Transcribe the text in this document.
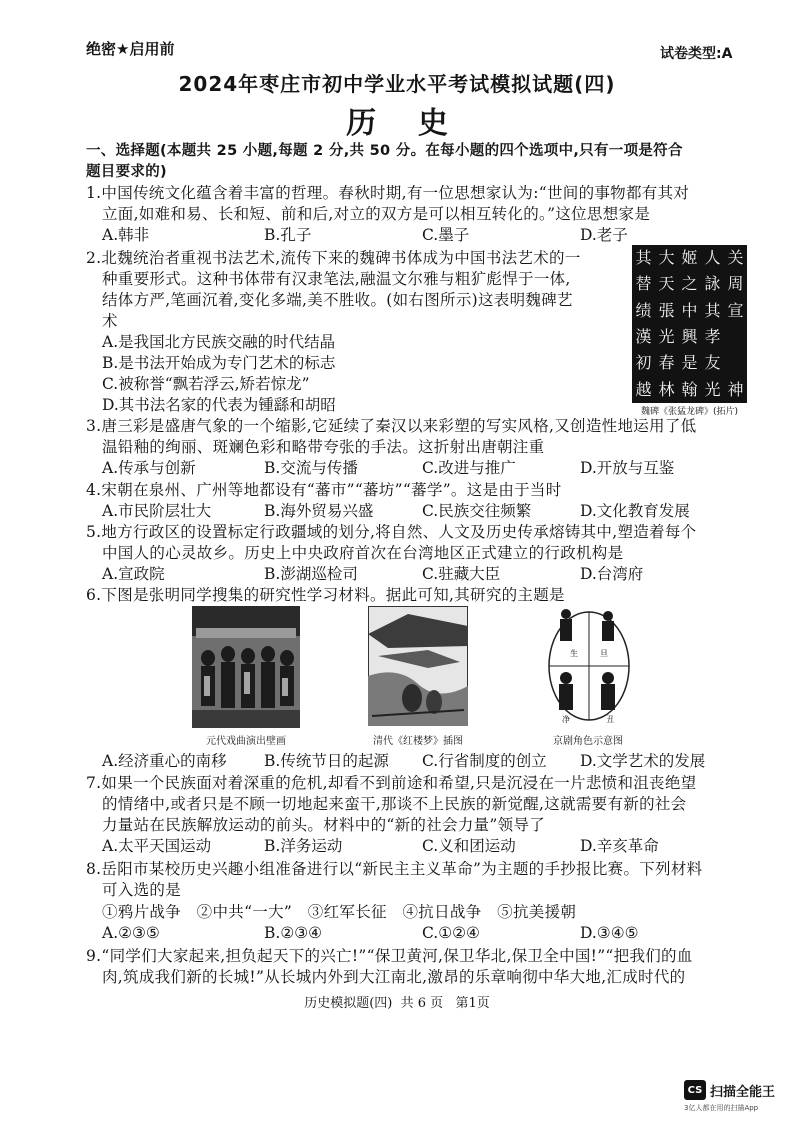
绝密★启用前	试卷类型:A
2024年枣庄市初中学业水平考试模拟试题(四)
历    史
一、选择题(本题共 25 小题,每题 2 分,共 50 分。在每小题的四个选项中,只有一项是符合
题目要求的)
1.中国传统文化蕴含着丰富的哲理。春秋时期,有一位思想家认为:“世间的事物都有其对
立面,如难和易、长和短、前和后,对立的双方是可以相互转化的。”这位思想家是
A.韩非	B.孔子	C.墨子	D.老子
2.北魏统治者重视书法艺术,流传下来的魏碑书体成为中国书法艺术的一
种重要形式。这种书体带有汉隶笔法,融温文尔雅与粗犷彪悍于一体,
结体方严,笔画沉着,变化多端,美不胜收。(如右图所示)这表明魏碑艺
术
A.是我国北方民族交融的时代结晶
B.是书法开始成为专门艺术的标志
C.被称誉“飘若浮云,矫若惊龙”
D.其书法名家的代表为锺繇和胡昭
其 大 姬 人 关
替 天 之 詠 周
绩 張 中 其 宣
漢 光 興 孝
初 春 是 友
越 林 翰 光 神
魏碑《张猛龙碑》(拓片)
3.唐三彩是盛唐气象的一个缩影,它延续了秦汉以来彩塑的写实风格,又创造性地运用了低
温铅釉的绚丽、斑斓色彩和略带夸张的手法。这折射出唐朝注重
A.传承与创新	B.交流与传播	C.改进与推广	D.开放与互鉴
4.宋朝在泉州、广州等地都设有“蕃市”“蕃坊”“蕃学”。这是由于当时
A.市民阶层壮大	B.海外贸易兴盛	C.民族交往频繁	D.文化教育发展
5.地方行政区的设置标定行政疆域的划分,将自然、人文及历史传承熔铸其中,塑造着每个
中国人的心灵故乡。历史上中央政府首次在台湾地区正式建立的行政机构是
A.宣政院	B.澎湖巡检司	C.驻藏大臣	D.台湾府
6.下图是张明同学搜集的研究性学习材料。据此可知,其研究的主题是
元代戏曲演出壁画	清代《红楼梦》插图
生	旦
净	丑
京剧角色示意图
A.经济重心的南移 B.传统节日的起源 C.行省制度的创立 D.文学艺术的发展
7.如果一个民族面对着深重的危机,却看不到前途和希望,只是沉浸在一片悲愤和沮丧绝望
的情绪中,或者只是不顾一切地起来蛮干,那谈不上民族的新觉醒,这就需要有新的社会
力量站在民族解放运动的前头。材料中的“新的社会力量”领导了
A.太平天国运动	B.洋务运动	C.义和团运动	D.辛亥革命
8.岳阳市某校历史兴趣小组准备进行以“新民主主义革命”为主题的手抄报比赛。下列材料
可入选的是
①鸦片战争   ②中共“一大”   ③红军长征   ④抗日战争   ⑤抗美援朝
A.②③⑤	B.②③④	C.①②④	D.③④⑤
9.“同学们大家起来,担负起天下的兴亡!”“保卫黄河,保卫华北,保卫全中国!”“把我们的血
肉,筑成我们新的长城!”从长城内外到大江南北,激昂的乐章响彻中华大地,汇成时代的
历史模拟题(四)  共 6 页   第1页
CS 扫描全能王
3亿人都在用的扫描App
